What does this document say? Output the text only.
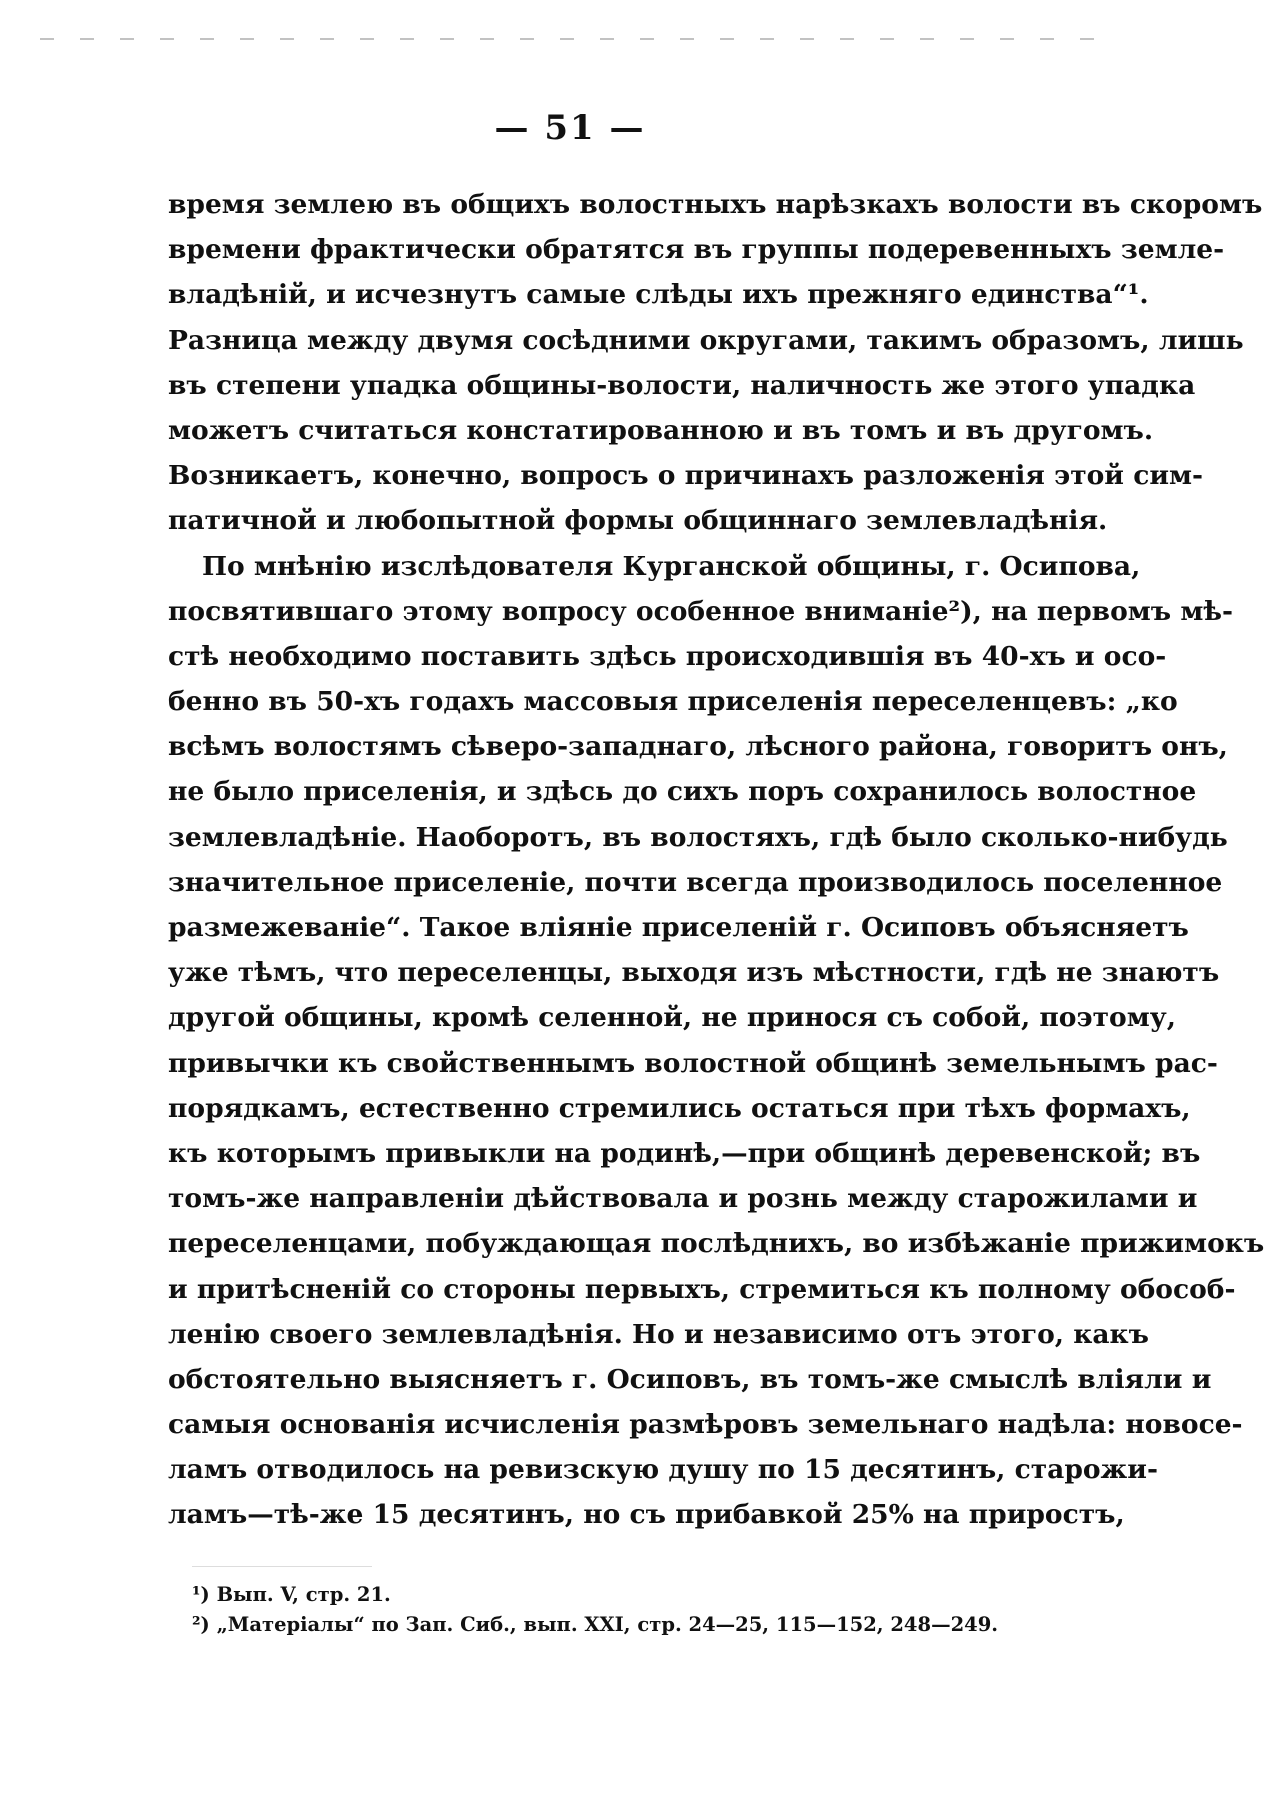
— 51 —
время землею въ общихъ волостныхъ нарѣзкахъ волости въ скоромъ
времени фрактически обратятся въ группы подеревенныхъ земле-
владѣній, и исчезнутъ самые слѣды ихъ прежняго единства“¹.
Разница между двумя сосѣдними округами, такимъ образомъ, лишь
въ степени упадка общины-волости, наличность же этого упадка
можетъ считаться констатированною и въ томъ и въ другомъ.
Возникаетъ, конечно, вопросъ о причинахъ разложенія этой сим-
патичной и любопытной формы общиннаго землевладѣнія.
По мнѣнію изслѣдователя Курганской общины, г. Осипова,
посвятившаго этому вопросу особенное вниманіе²), на первомъ мѣ-
стѣ необходимо поставить здѣсь происходившія въ 40-хъ и осо-
бенно въ 50-хъ годахъ массовыя приселенія переселенцевъ: „ко
всѣмъ волостямъ сѣверо-западнаго, лѣсного района, говоритъ онъ,
не было приселенія, и здѣсь до сихъ поръ сохранилось волостное
землевладѣніе. Наоборотъ, въ волостяхъ, гдѣ было сколько-нибудь
значительное приселеніе, почти всегда производилось поселенное
размежеваніе“. Такое вліяніе приселеній г. Осиповъ объясняетъ
уже тѣмъ, что переселенцы, выходя изъ мѣстности, гдѣ не знаютъ
другой общины, кромѣ селенной, не принося съ собой, поэтому,
привычки къ свойственнымъ волостной общинѣ земельнымъ рас-
порядкамъ, естественно стремились остаться при тѣхъ формахъ,
къ которымъ привыкли на родинѣ,—при общинѣ деревенской; въ
томъ-же направленіи дѣйствовала и рознь между старожилами и
переселенцами, побуждающая послѣднихъ, во избѣжаніе прижимокъ
и притѣсненій со стороны первыхъ, стремиться къ полному обособ-
ленію своего землевладѣнія. Но и независимо отъ этого, какъ
обстоятельно выясняетъ г. Осиповъ, въ томъ-же смыслѣ вліяли и
самыя основанія исчисленія размѣровъ земельнаго надѣла: новосе-
ламъ отводилось на ревизскую душу по 15 десятинъ, старожи-
ламъ—тѣ-же 15 десятинъ, но съ прибавкой 25% на приростъ,
¹) Вып. V, стр. 21.
²) „Матеріалы“ по Зап. Сиб., вып. XXI, стр. 24—25, 115—152, 248—249.
